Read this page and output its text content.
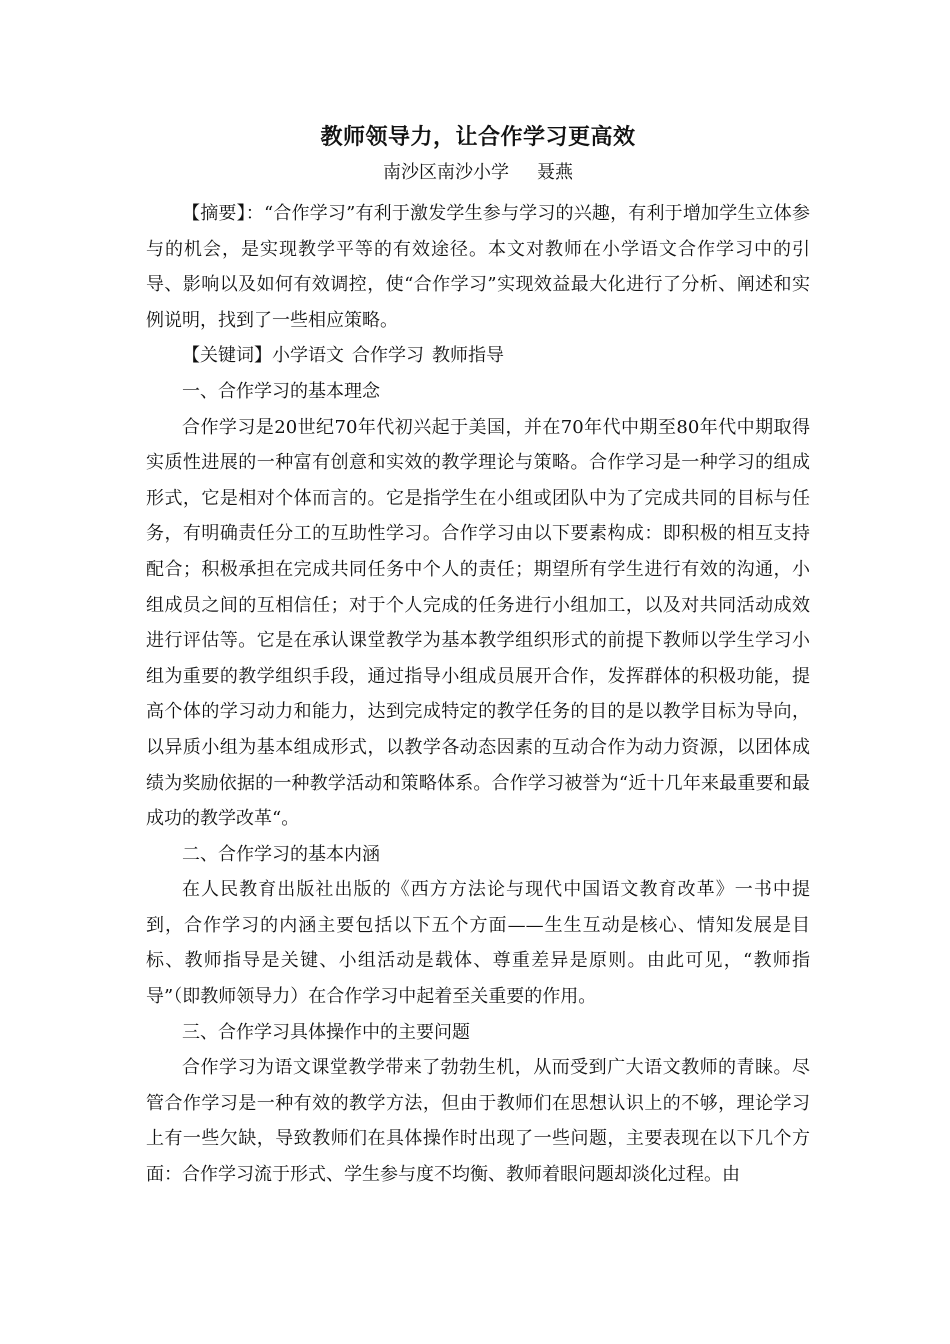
教师领导力，让合作学习更高效
南沙区南沙小学 聂燕

【摘要】：“合作学习”有利于激发学生参与学习的兴趣，有利于增加学生立体参与的机会，是实现教学平等的有效途径。本文对教师在小学语文合作学习中的引导、影响以及如何有效调控，使“合作学习”实现效益最大化进行了分析、阐述和实例说明，找到了一些相应策略。

【关键词】小学语文 合作学习 教师指导

一、合作学习的基本理念

合作学习是20世纪70年代初兴起于美国，并在70年代中期至80年代中期取得实质性进展的一种富有创意和实效的教学理论与策略。合作学习是一种学习的组成形式，它是相对个体而言的。它是指学生在小组或团队中为了完成共同的目标与任务，有明确责任分工的互助性学习。合作学习由以下要素构成：即积极的相互支持配合；积极承担在完成共同任务中个人的责任；期望所有学生进行有效的沟通，小组成员之间的互相信任；对于个人完成的任务进行小组加工，以及对共同活动成效进行评估等。它是在承认课堂教学为基本教学组织形式的前提下教师以学生学习小组为重要的教学组织手段，通过指导小组成员展开合作，发挥群体的积极功能，提高个体的学习动力和能力，达到完成特定的教学任务的目的是以教学目标为导向，以异质小组为基本组成形式，以教学各动态因素的互动合作为动力资源，以团体成绩为奖励依据的一种教学活动和策略体系。合作学习被誉为“近十几年来最重要和最成功的教学改革“。

二、合作学习的基本内涵

在人民教育出版社出版的《西方方法论与现代中国语文教育改革》一书中提到，合作学习的内涵主要包括以下五个方面——生生互动是核心、情知发展是目标、教师指导是关键、小组活动是载体、尊重差异是原则。由此可见，“教师指导”（即教师领导力）在合作学习中起着至关重要的作用。

三、合作学习具体操作中的主要问题

合作学习为语文课堂教学带来了勃勃生机，从而受到广大语文教师的青睐。尽管合作学习是一种有效的教学方法，但由于教师们在思想认识上的不够，理论学习上有一些欠缺，导致教师们在具体操作时出现了一些问题，主要表现在以下几个方面：合作学习流于形式、学生参与度不均衡、教师着眼问题却淡化过程。由
